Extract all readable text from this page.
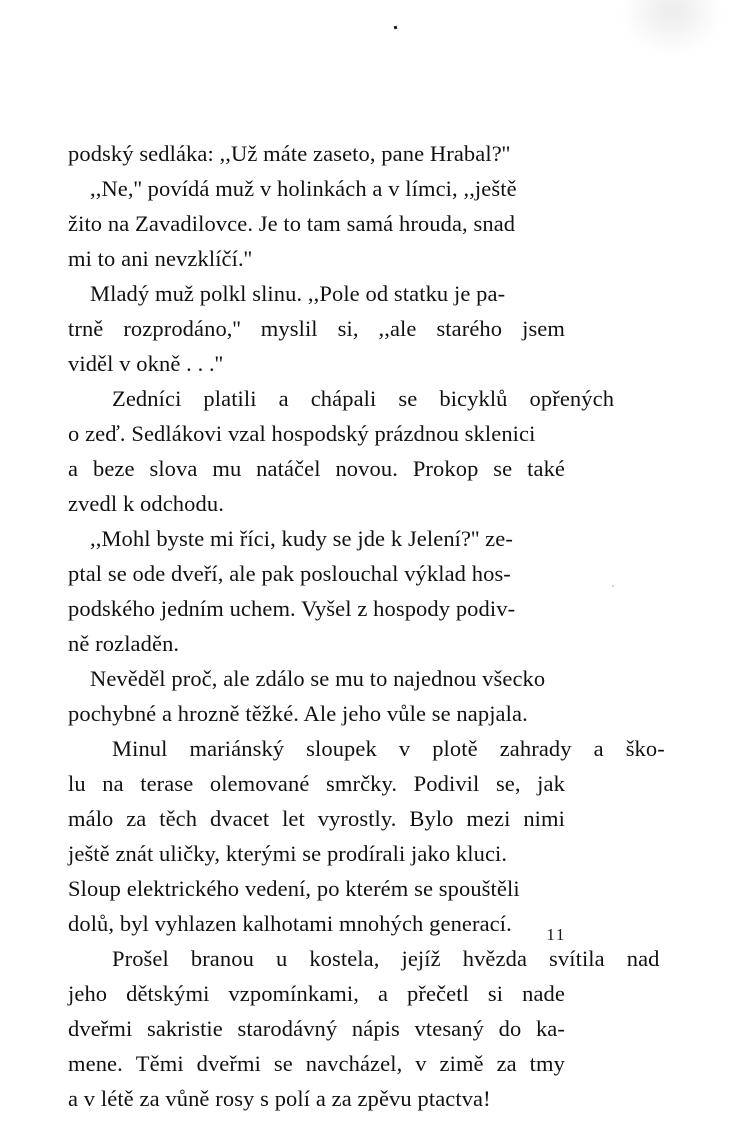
podský sedláka: ,,Už máte zaseto, pane Hrabal?''

,,Ne,'' povídá muž v holinkách a v límci, ,,ještě
žito na Zavadilovce. Je to tam samá hrouda, snad
mi to ani nevzklíčí.''

Mladý muž polkl slinu. ,,Pole od statku je pa-
trně rozprodáno,'' myslil si, ,,ale starého jsem
viděl v okně . . .''

Zedníci platili a chápali se bicyklů opřených
o zeď. Sedlákovi vzal hospodský prázdnou sklenici
a beze slova mu natáčel novou. Prokop se také
zvedl k odchodu.

,,Mohl byste mi říci, kudy se jde k Jelení?'' ze-
ptal se ode dveří, ale pak poslouchal výklad hos-
podského jedním uchem. Vyšel z hospody podiv-
ně rozladěn.

Nevěděl proč, ale zdálo se mu to najednou všecko
pochybné a hrozně těžké. Ale jeho vůle se napjala.

Minul mariánský sloupek v plotě zahrady a ško-
lu na terase olemované smrčky. Podivil se, jak
málo za těch dvacet let vyrostly. Bylo mezi nimi
ještě znát uličky, kterými se prodírali jako kluci.
Sloup elektrického vedení, po kterém se spouštěli
dolů, byl vyhlazen kalhotami mnohých generací.

Prošel branou u kostela, jejíž hvězda svítila nad
jeho dětskými vzpomínkami, a přečetl si nade
dveřmi sakristie starodávný nápis vtesaný do ka-
mene. Těmi dveřmi se navcházel, v zimě za tmy
a v létě za vůně rosy s polí a za zpěvu ptactva!

11
